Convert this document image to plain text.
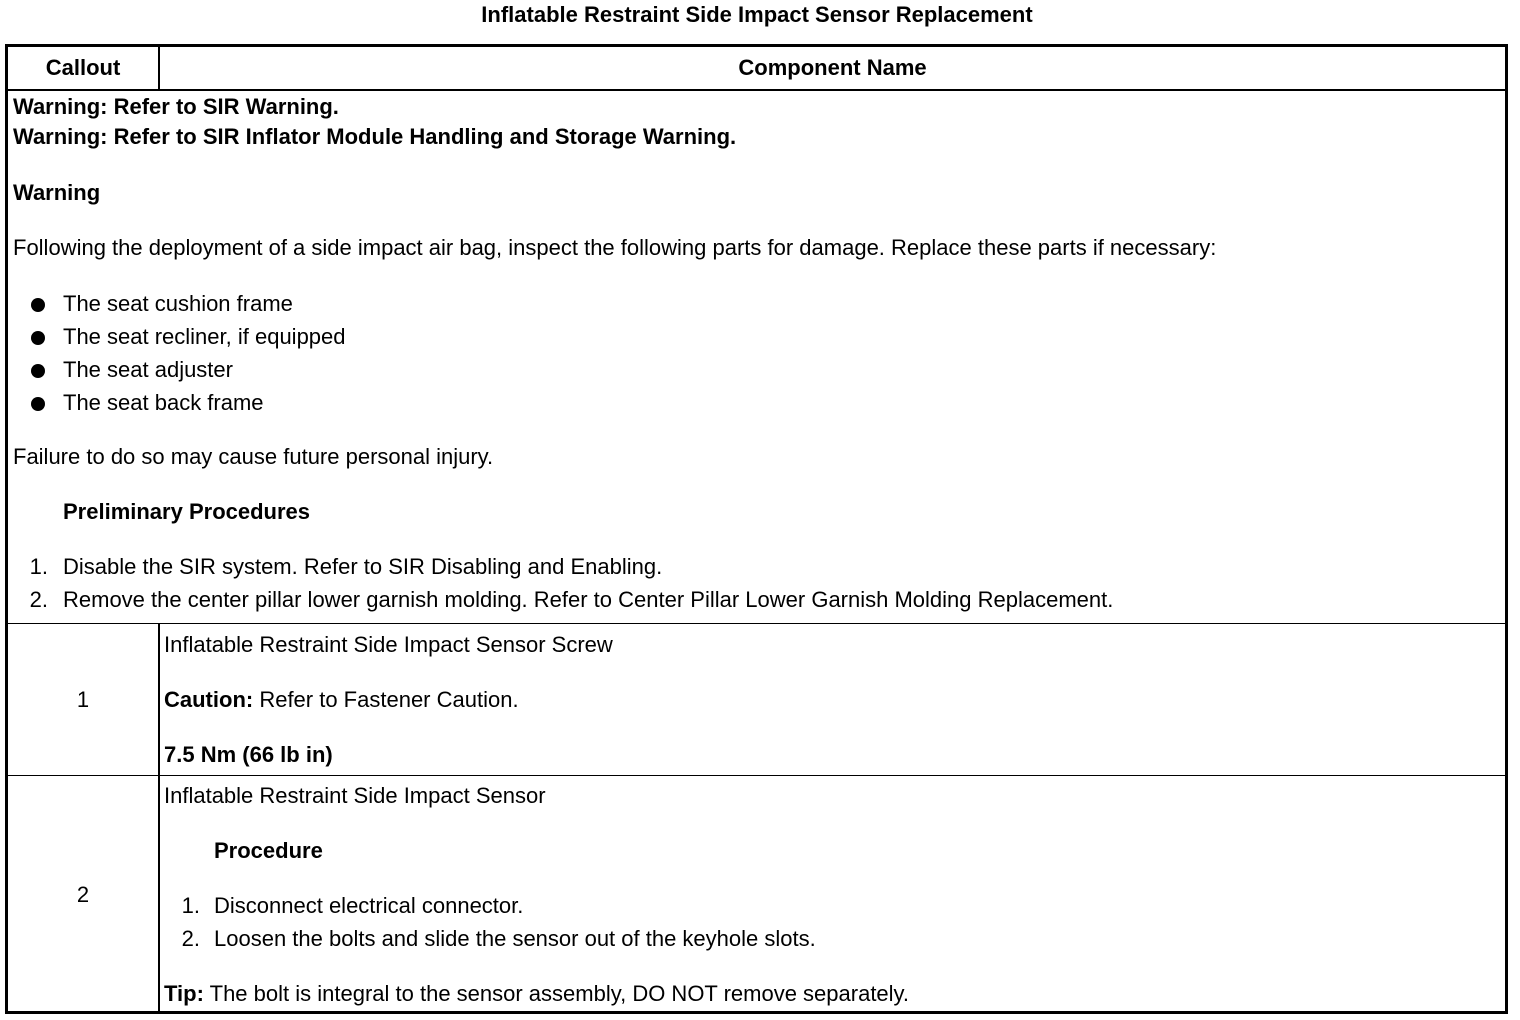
Inflatable Restraint Side Impact Sensor Replacement
Callout	Component Name
Warning: Refer to SIR Warning.
Warning: Refer to SIR Inflator Module Handling and Storage Warning.
Warning
Following the deployment of a side impact air bag, inspect the following parts for damage. Replace these parts if necessary:
The seat cushion frame
The seat recliner, if equipped
The seat adjuster
The seat back frame
Failure to do so may cause future personal injury.
Preliminary Procedures
1. Disable the SIR system. Refer to SIR Disabling and Enabling.
2. Remove the center pillar lower garnish molding. Refer to Center Pillar Lower Garnish Molding Replacement.
1
Inflatable Restraint Side Impact Sensor Screw
Caution: Refer to Fastener Caution.
7.5 Nm (66 lb in)
2
Inflatable Restraint Side Impact Sensor
Procedure
1. Disconnect electrical connector.
2. Loosen the bolts and slide the sensor out of the keyhole slots.
Tip: The bolt is integral to the sensor assembly, DO NOT remove separately.
